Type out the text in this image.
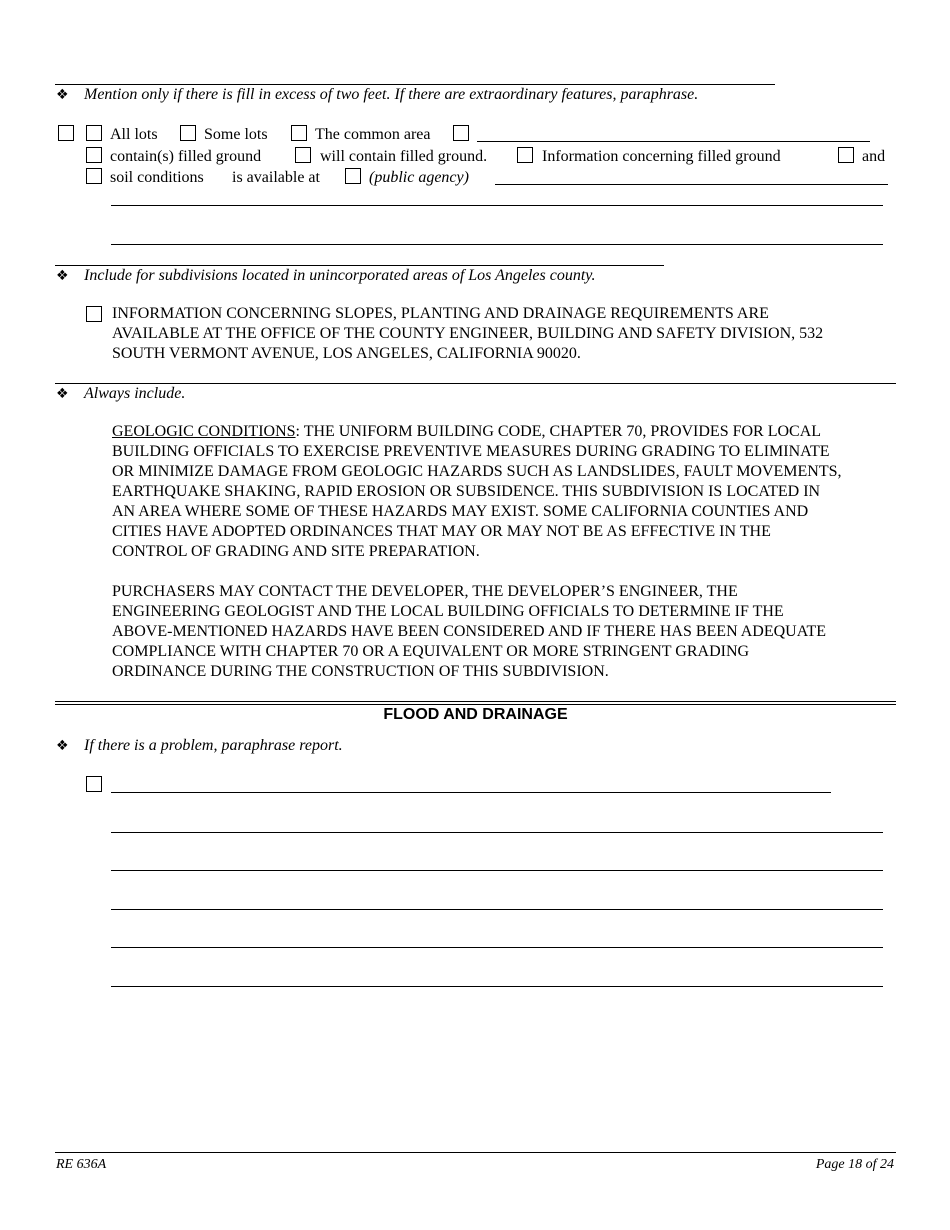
❖ Mention only if there is fill in excess of two feet. If there are extraordinary features, paraphrase.
All lots	Some lots	The common area
contain(s) filled ground	will contain filled ground.	Information concerning filled ground	and
soil conditions is available at	(public agency)
❖ Include for subdivisions located in unincorporated areas of Los Angeles county.

INFORMATION CONCERNING SLOPES, PLANTING AND DRAINAGE REQUIREMENTS ARE

AVAILABLE AT THE OFFICE OF THE COUNTY ENGINEER, BUILDING AND SAFETY DIVISION, 532

SOUTH VERMONT AVENUE, LOS ANGELES, CALIFORNIA 90020.

❖ Always include.

GEOLOGIC CONDITIONS: THE UNIFORM BUILDING CODE, CHAPTER 70, PROVIDES FOR LOCAL

BUILDING OFFICIALS TO EXERCISE PREVENTIVE MEASURES DURING GRADING TO ELIMINATE

OR MINIMIZE DAMAGE FROM GEOLOGIC HAZARDS SUCH AS LANDSLIDES, FAULT MOVEMENTS,

EARTHQUAKE SHAKING, RAPID EROSION OR SUBSIDENCE. THIS SUBDIVISION IS LOCATED IN

AN AREA WHERE SOME OF THESE HAZARDS MAY EXIST. SOME CALIFORNIA COUNTIES AND

CITIES HAVE ADOPTED ORDINANCES THAT MAY OR MAY NOT BE AS EFFECTIVE IN THE

CONTROL OF GRADING AND SITE PREPARATION.

PURCHASERS MAY CONTACT THE DEVELOPER, THE DEVELOPER’S ENGINEER, THE

ENGINEERING GEOLOGIST AND THE LOCAL BUILDING OFFICIALS TO DETERMINE IF THE

ABOVE-MENTIONED HAZARDS HAVE BEEN CONSIDERED AND IF THERE HAS BEEN ADEQUATE

COMPLIANCE WITH CHAPTER 70 OR A EQUIVALENT OR MORE STRINGENT GRADING

ORDINANCE DURING THE CONSTRUCTION OF THIS SUBDIVISION.

FLOOD AND DRAINAGE
❖ If there is a problem, paraphrase report.
RE 636A	Page 18 of 24
